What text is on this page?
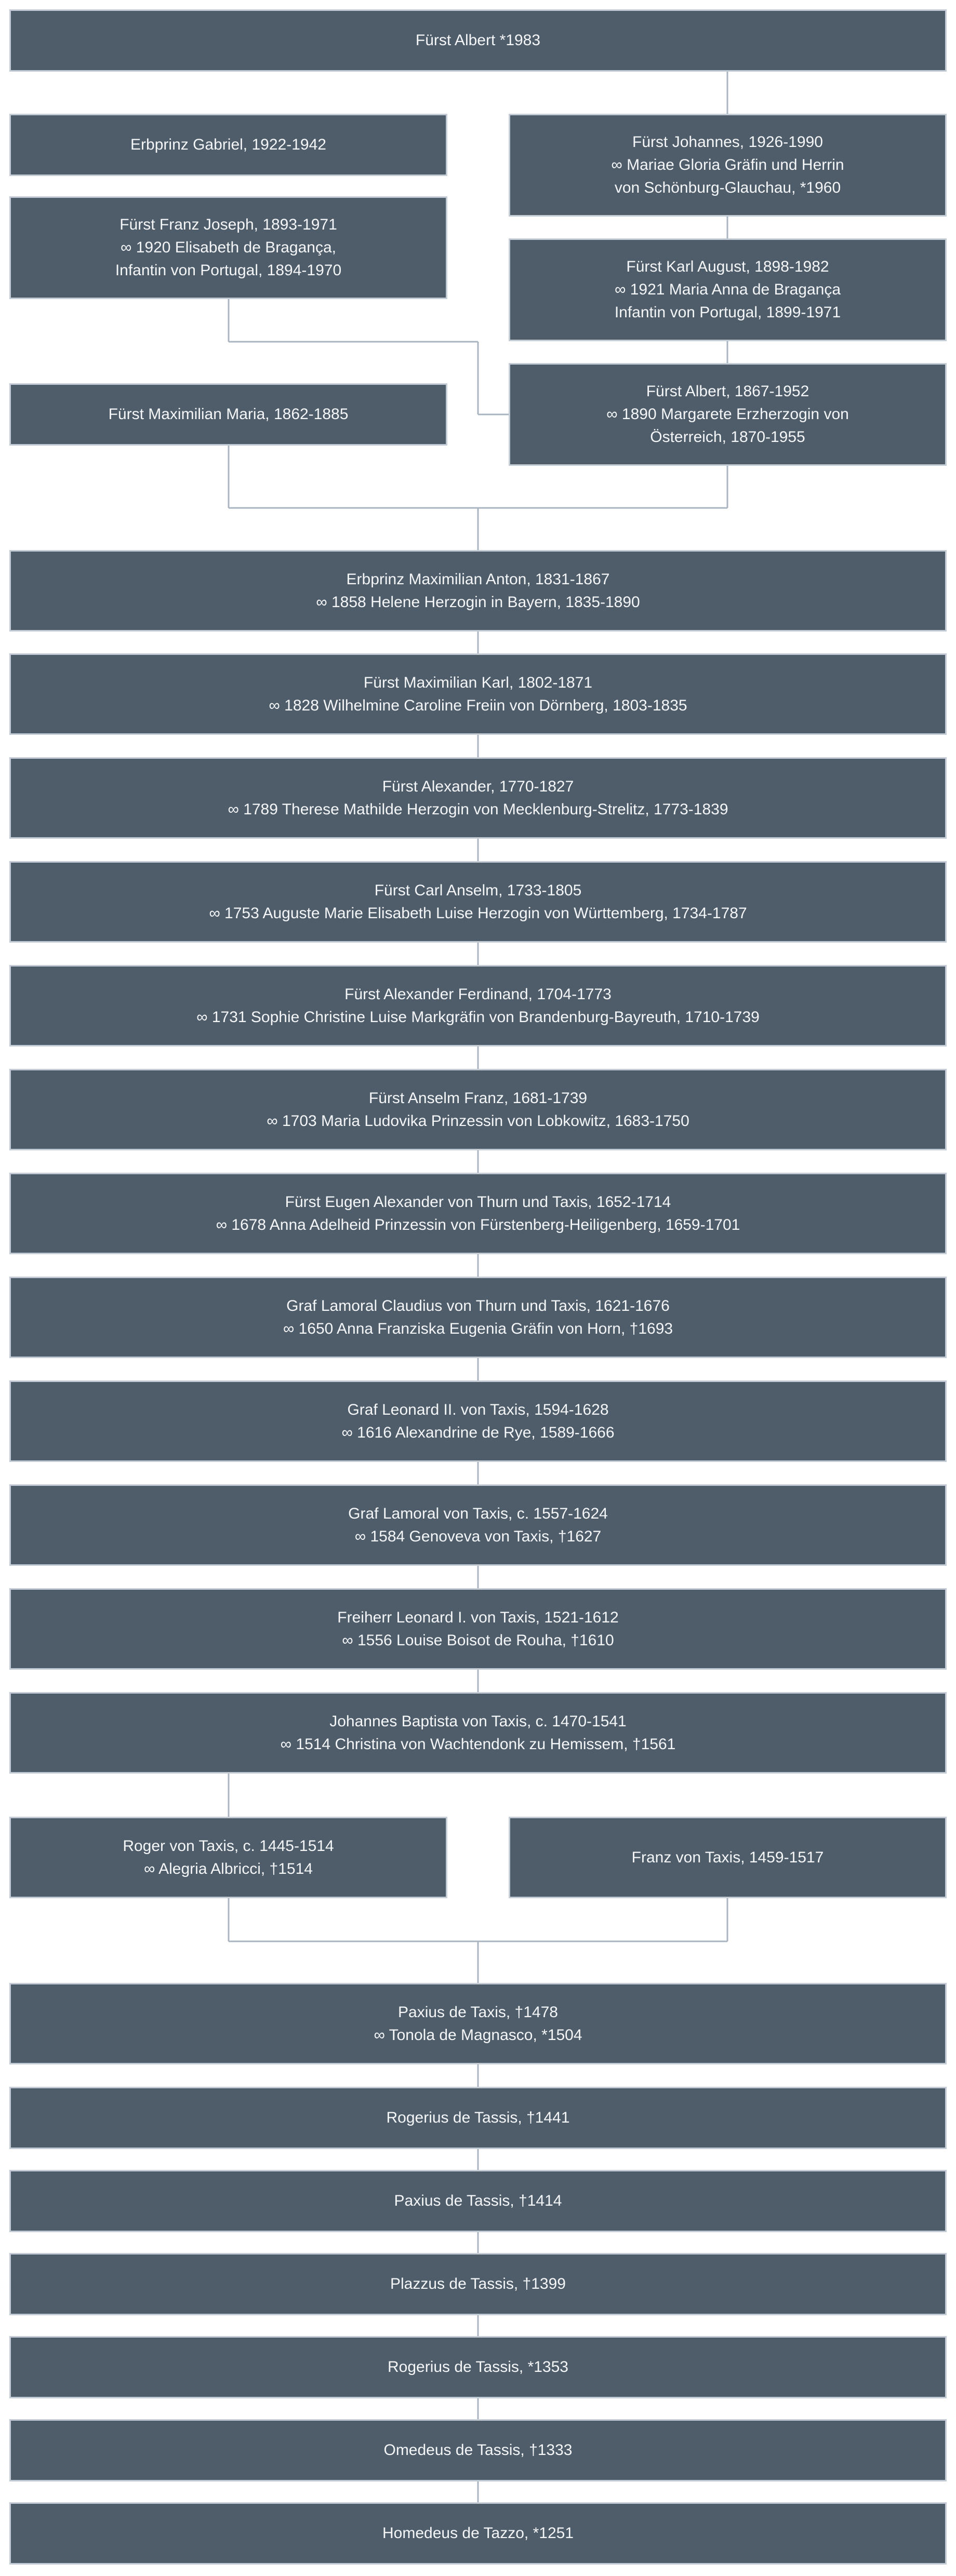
Fürst Albert *1983
Erbprinz Gabriel, 1922-1942	Fürst Johannes, 1926-1990
∞ Mariae Gloria Gräfin und Herrin
von Schönburg-Glauchau, *1960
Fürst Franz Joseph, 1893-1971
∞ 1920 Elisabeth de Bragança,
Infantin von Portugal, 1894-1970	Fürst Karl August, 1898-1982
∞ 1921 Maria Anna de Bragança
Infantin von Portugal, 1899-1971
Fürst Maximilian Maria, 1862-1885
Fürst Albert, 1867-1952
∞ 1890 Margarete Erzherzogin von
Österreich, 1870-1955
Erbprinz Maximilian Anton, 1831-1867
∞ 1858 Helene Herzogin in Bayern, 1835-1890
Fürst Maximilian Karl, 1802-1871
∞ 1828 Wilhelmine Caroline Freiin von Dörnberg, 1803-1835
Fürst Alexander, 1770-1827
∞ 1789 Therese Mathilde Herzogin von Mecklenburg-Strelitz, 1773-1839
Fürst Carl Anselm, 1733-1805
∞ 1753 Auguste Marie Elisabeth Luise Herzogin von Württemberg, 1734-1787
Fürst Alexander Ferdinand, 1704-1773
∞ 1731 Sophie Christine Luise Markgräfin von Brandenburg-Bayreuth, 1710-1739
Fürst Anselm Franz, 1681-1739
∞ 1703 Maria Ludovika Prinzessin von Lobkowitz, 1683-1750
Fürst Eugen Alexander von Thurn und Taxis, 1652-1714
∞ 1678 Anna Adelheid Prinzessin von Fürstenberg-Heiligenberg, 1659-1701
Graf Lamoral Claudius von Thurn und Taxis, 1621-1676
∞ 1650 Anna Franziska Eugenia Gräfin von Horn, †1693
Graf Leonard II. von Taxis, 1594-1628
∞ 1616 Alexandrine de Rye, 1589-1666
Graf Lamoral von Taxis, c. 1557-1624
∞ 1584 Genoveva von Taxis, †1627
Freiherr Leonard I. von Taxis, 1521-1612
∞ 1556 Louise Boisot de Rouha, †1610
Johannes Baptista von Taxis, c. 1470-1541
∞ 1514 Christina von Wachtendonk zu Hemissem, †1561
Roger von Taxis, c. 1445-1514
∞ Alegria Albricci, †1514
Franz von Taxis, 1459-1517
Paxius de Taxis, †1478
∞ Tonola de Magnasco, *1504
Rogerius de Tassis, †1441
Paxius de Tassis, †1414
Plazzus de Tassis, †1399
Rogerius de Tassis, *1353
Omedeus de Tassis, †1333
Homedeus de Tazzo, *1251
